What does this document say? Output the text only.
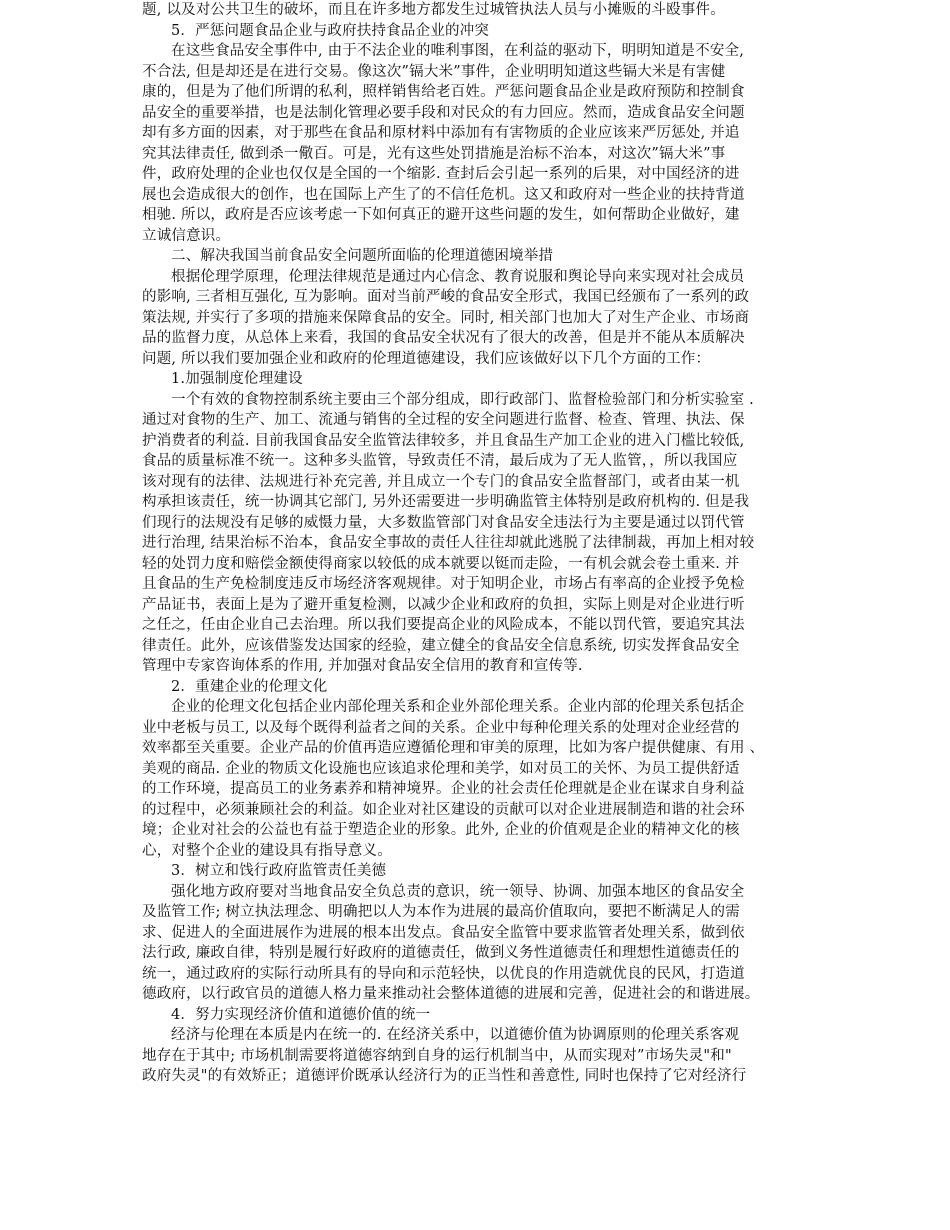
题, 以及对公共卫生的破坏，而且在许多地方都发生过城管执法人员与小摊贩的斗殴事件。
5．严惩问题食品企业与政府扶持食品企业的冲突
在这些食品安全事件中, 由于不法企业的唯利事图，在利益的驱动下，明明知道是不安全,
不合法, 但是却还是在进行交易。像这次”镉大米”事件，企业明明知道这些镉大米是有害健
康的，但是为了他们所谓的私利，照样销售给老百姓。严惩问题食品企业是政府预防和控制食
品安全的重要举措，也是法制化管理必要手段和对民众的有力回应。然而，造成食品安全问题
却有多方面的因素，对于那些在食品和原材料中添加有有害物质的企业应该来严厉惩处, 并追
究其法律责任, 做到杀一儆百。可是，光有这些处罚措施是治标不治本，对这次”镉大米”事
件，政府处理的企业也仅仅是全国的一个缩影. 查封后会引起一系列的后果，对中国经济的进
展也会造成很大的创作，也在国际上产生了的不信任危机。这又和政府对一些企业的扶持背道
相驰. 所以，政府是否应该考虑一下如何真正的避开这些问题的发生，如何帮助企业做好，建
立诚信意识。
二、解决我国当前食品安全问题所面临的伦理道德困境举措
根据伦理学原理，伦理法律规范是通过内心信念、教育说服和舆论导向来实现对社会成员
的影响, 三者相互强化, 互为影响。面对当前严峻的食品安全形式，我国已经颁布了一系列的政
策法规, 并实行了多项的措施来保障食品的安全。同时, 相关部门也加大了对生产企业、市场商
品的监督力度，从总体上来看，我国的食品安全状况有了很大的改善，但是并不能从本质解决
问题, 所以我们要加强企业和政府的伦理道德建设，我们应该做好以下几个方面的工作：
1.加强制度伦理建设
一个有效的食物控制系统主要由三个部分组成，即行政部门、监督检验部门和分析实验室 .
通过对食物的生产、加工、流通与销售的全过程的安全问题进行监督、检查、管理、执法、保
护消费者的利益. 目前我国食品安全监管法律较多，并且食品生产加工企业的进入门槛比较低,
食品的质量标准不统一。这种多头监管，导致责任不清，最后成为了无人监管，，所以我国应
该对现有的法律、法规进行补充完善, 并且成立一个专门的食品安全监督部门，或者由某一机
构承担该责任，统一协调其它部门, 另外还需要进一步明确监管主体特别是政府机构的. 但是我
们现行的法规没有足够的威慑力量，大多数监管部门对食品安全违法行为主要是通过以罚代管
进行治理, 结果治标不治本，食品安全事故的责任人往往却就此逃脱了法律制裁，再加上相对较
轻的处罚力度和赔偿金额使得商家以较低的成本就要以铤而走险，一有机会就会卷土重来. 并
且食品的生产免检制度违反市场经济客观规律。对于知明企业，市场占有率高的企业授予免检
产品证书，表面上是为了避开重复检测，以减少企业和政府的负担，实际上则是对企业进行听
之任之，任由企业自己去治理。所以我们要提高企业的风险成本，不能以罚代管，要追究其法
律责任。此外，应该借鉴发达国家的经验，建立健全的食品安全信息系统, 切实发挥食品安全
管理中专家咨询体系的作用, 并加强对食品安全信用的教育和宣传等.
2．重建企业的伦理文化
企业的伦理文化包括企业内部伦理关系和企业外部伦理关系。企业内部的伦理关系包括企
业中老板与员工, 以及每个既得利益者之间的关系。企业中每种伦理关系的处理对企业经营的
效率都至关重要。企业产品的价值再造应遵循伦理和审美的原理，比如为客户提供健康、有用 、
美观的商品. 企业的物质文化设施也应该追求伦理和美学，如对员工的关怀、为员工提供舒适
的工作环境，提高员工的业务素养和精神境界。企业的社会责任伦理就是企业在谋求自身利益
的过程中，必须兼顾社会的利益。如企业对社区建设的贡献可以对企业进展制造和谐的社会环
境；企业对社会的公益也有益于塑造企业的形象。此外, 企业的价值观是企业的精神文化的核
心，对整个企业的建设具有指导意义。
3．树立和饯行政府监管责任美德
强化地方政府要对当地食品安全负总责的意识，统一领导、协调、加强本地区的食品安全
及监管工作; 树立执法理念、明确把以人为本作为进展的最高价值取向，要把不断满足人的需
求、促进人的全面进展作为进展的根本出发点。食品安全监管中要求监管者处理关系，做到依
法行政, 廉政自律，特别是履行好政府的道德责任，做到义务性道德责任和理想性道德责任的
统一，通过政府的实际行动所具有的导向和示范轻快，以优良的作用造就优良的民风，打造道
德政府，以行政官员的道德人格力量来推动社会整体道德的进展和完善，促进社会的和谐进展。
4．努力实现经济价值和道德价值的统一
经济与伦理在本质是内在统一的. 在经济关系中，以道德价值为协调原则的伦理关系客观
地存在于其中; 市场机制需要将道德容纳到自身的运行机制当中，从而实现对”市场失灵"和"
政府失灵"的有效矫正；道德评价既承认经济行为的正当性和善意性, 同时也保持了它对经济行
